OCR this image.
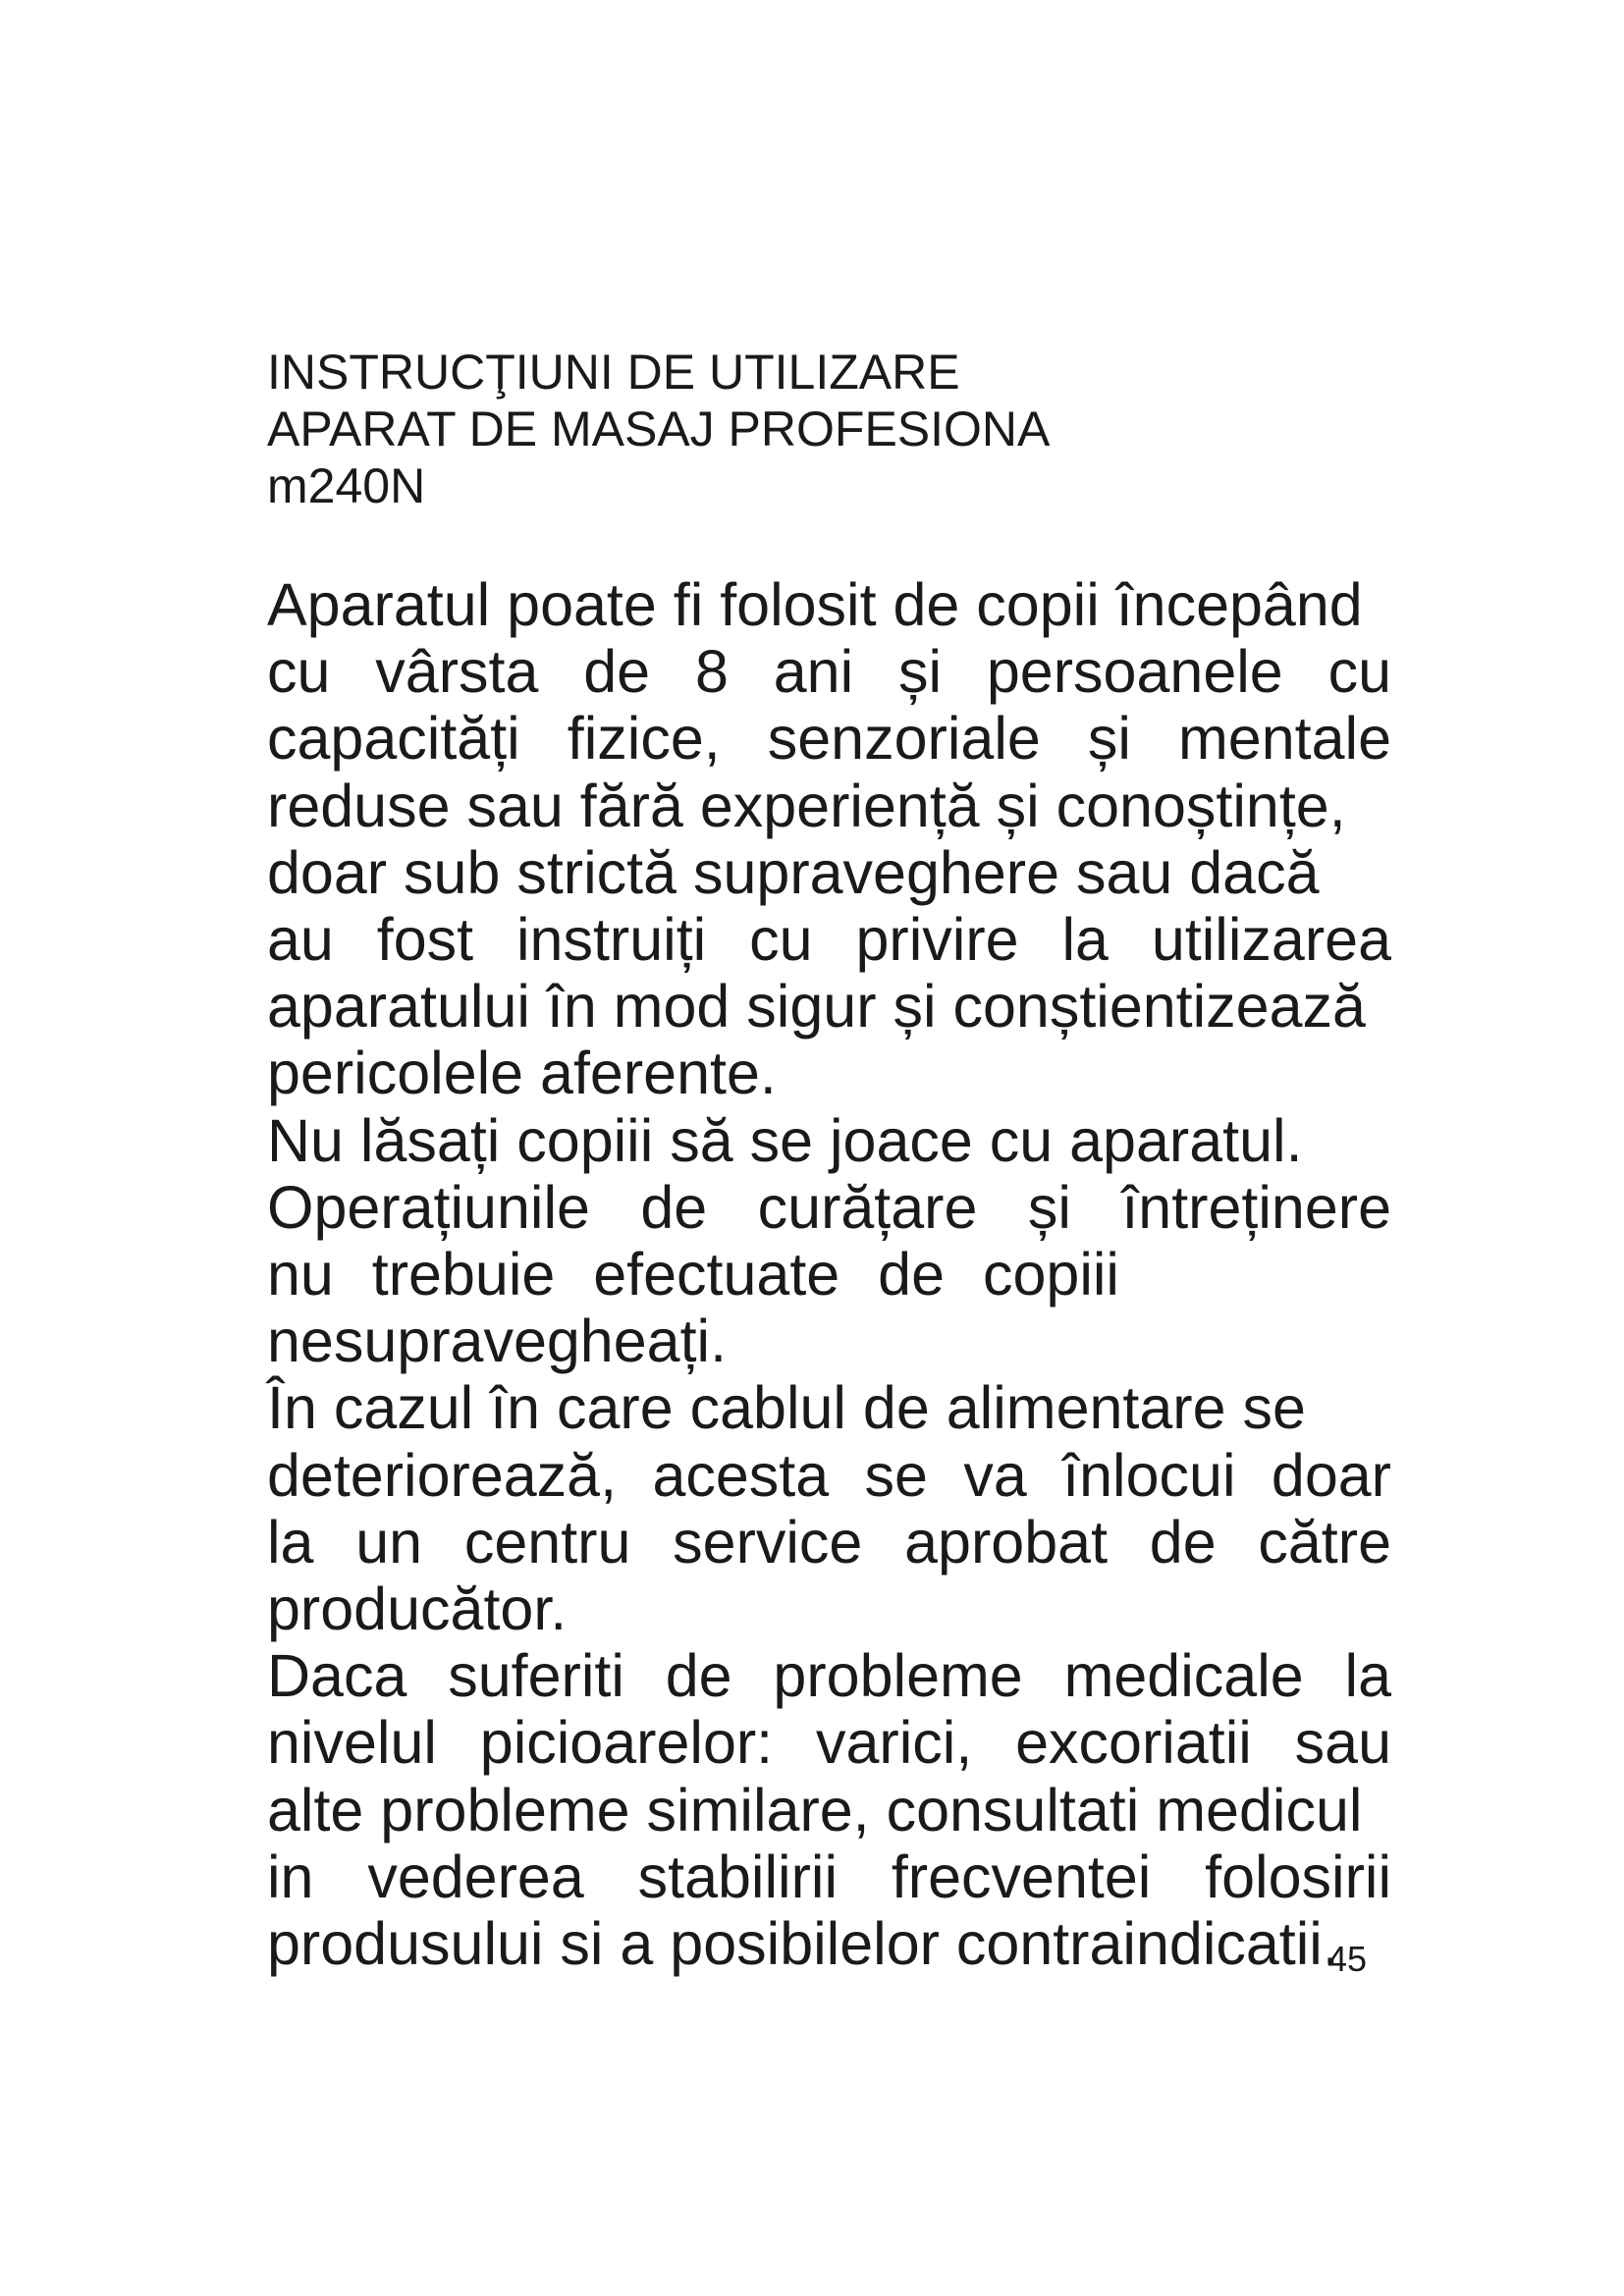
INSTRUCŢIUNI DE UTILIZARE

APARAT DE MASAJ PROFESIONA

m240N

Aparatul poate fi folosit de copii începând

cu vârsta de 8 ani și persoanele cu

capacități fizice, senzoriale și mentale

reduse sau fără experiență și conoștințe,

doar sub strictă supraveghere sau dacă

au fost instruiți cu privire la utilizarea

aparatului în mod sigur și conștientizează

pericolele aferente.

Nu lăsați copiii să se joace cu aparatul.

Operațiunile de curățare și întreținere

nu trebuie efectuate de copiii

nesupravegheați.

În cazul în care cablul de alimentare se

deteriorează, acesta se va înlocui doar

la un centru service aprobat de către

producător.

Daca suferiti de probleme medicale la

nivelul picioarelor: varici, excoriatii sau

alte probleme similare, consultati medicul

in vederea stabilirii frecventei folosirii

produsului si a posibilelor contraindicatii.

45
